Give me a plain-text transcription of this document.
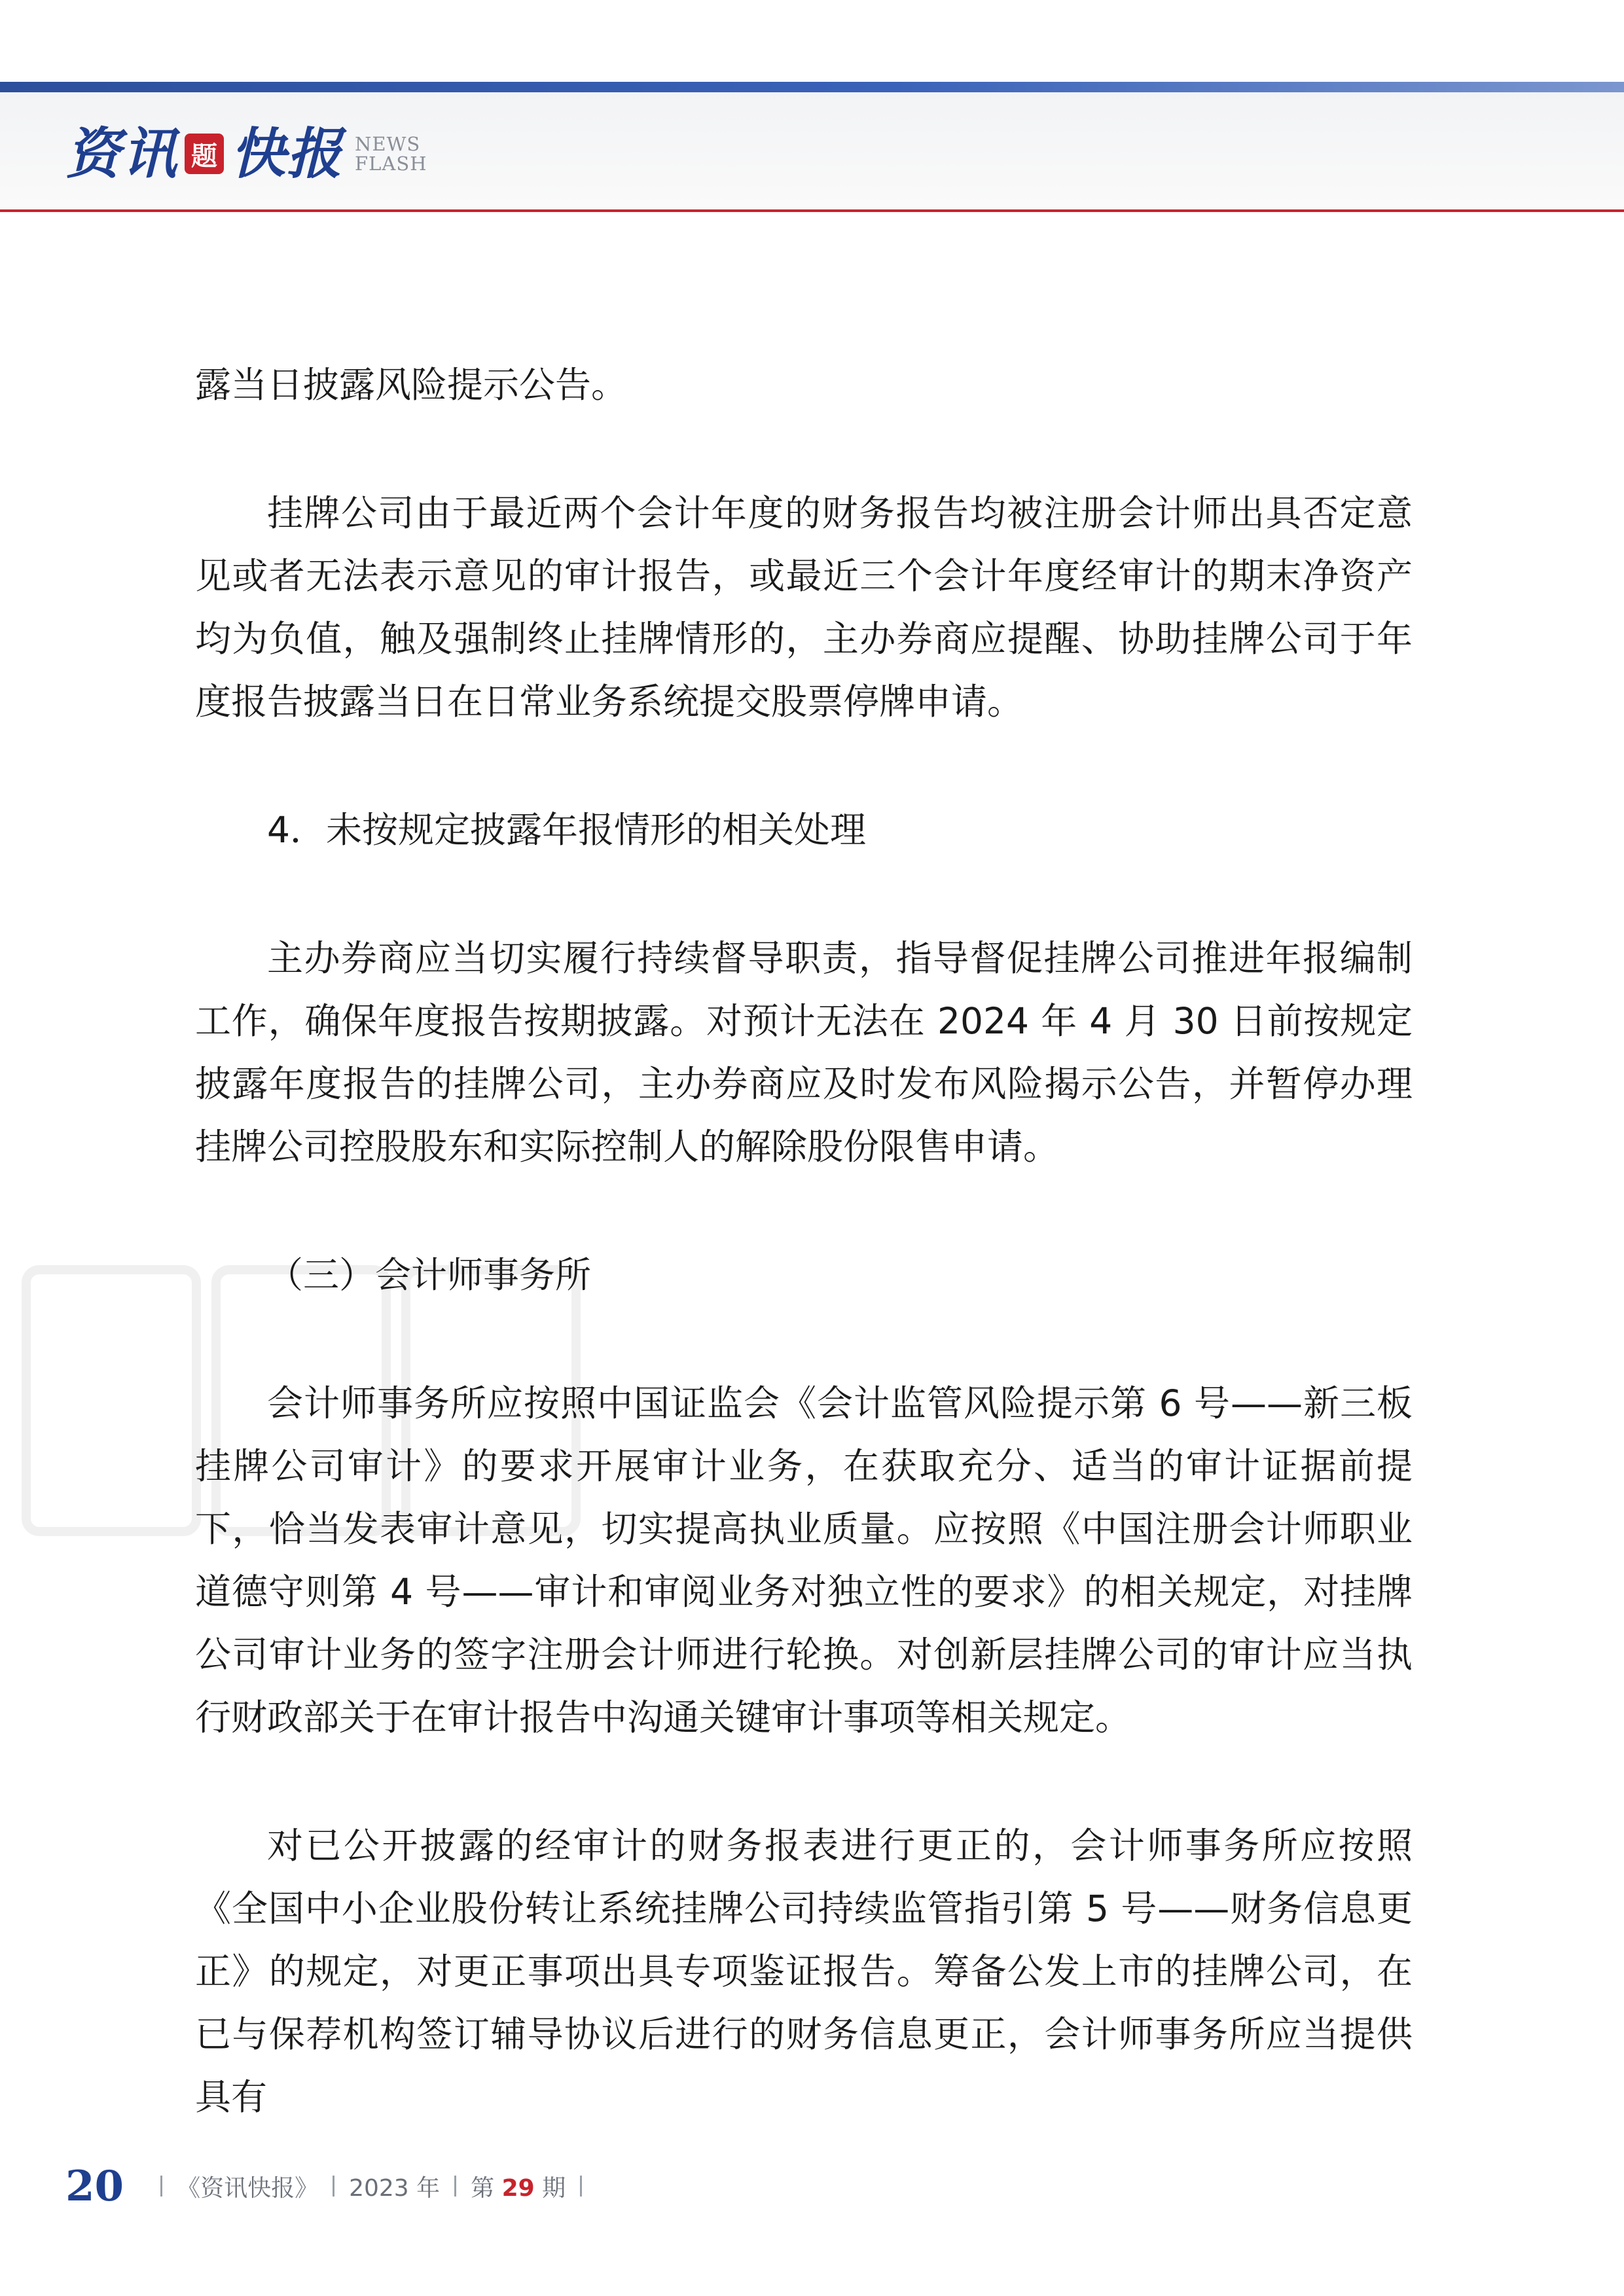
资讯 题 快报 NEWS
FLASH

露当日披露风险提示公告。

挂牌公司由于最近两个会计年度的财务报告均被注册会计师出具否定意见或者无法表示意见的审计报告，或最近三个会计年度经审计的期末净资产均为负值，触及强制终止挂牌情形的，主办券商应提醒、协助挂牌公司于年度报告披露当日在日常业务系统提交股票停牌申请。

4．未按规定披露年报情形的相关处理

主办券商应当切实履行持续督导职责，指导督促挂牌公司推进年报编制工作，确保年度报告按期披露。对预计无法在 2024 年 4 月 30 日前按规定披露年度报告的挂牌公司，主办券商应及时发布风险揭示公告，并暂停办理挂牌公司控股股东和实际控制人的解除股份限售申请。

（三）会计师事务所

会计师事务所应按照中国证监会《会计监管风险提示第 6 号——新三板挂牌公司审计》的要求开展审计业务，在获取充分、适当的审计证据前提下，恰当发表审计意见，切实提高执业质量。应按照《中国注册会计师职业道德守则第 4 号——审计和审阅业务对独立性的要求》的相关规定，对挂牌公司审计业务的签字注册会计师进行轮换。对创新层挂牌公司的审计应当执行财政部关于在审计报告中沟通关键审计事项等相关规定。

对已公开披露的经审计的财务报表进行更正的，会计师事务所应按照《全国中小企业股份转让系统挂牌公司持续监管指引第 5 号——财务信息更正》的规定，对更正事项出具专项鉴证报告。筹备公发上市的挂牌公司，在已与保荐机构签订辅导协议后进行的财务信息更正，会计师事务所应当提供具有

20 《资讯快报》 2023 年 第 29 期
